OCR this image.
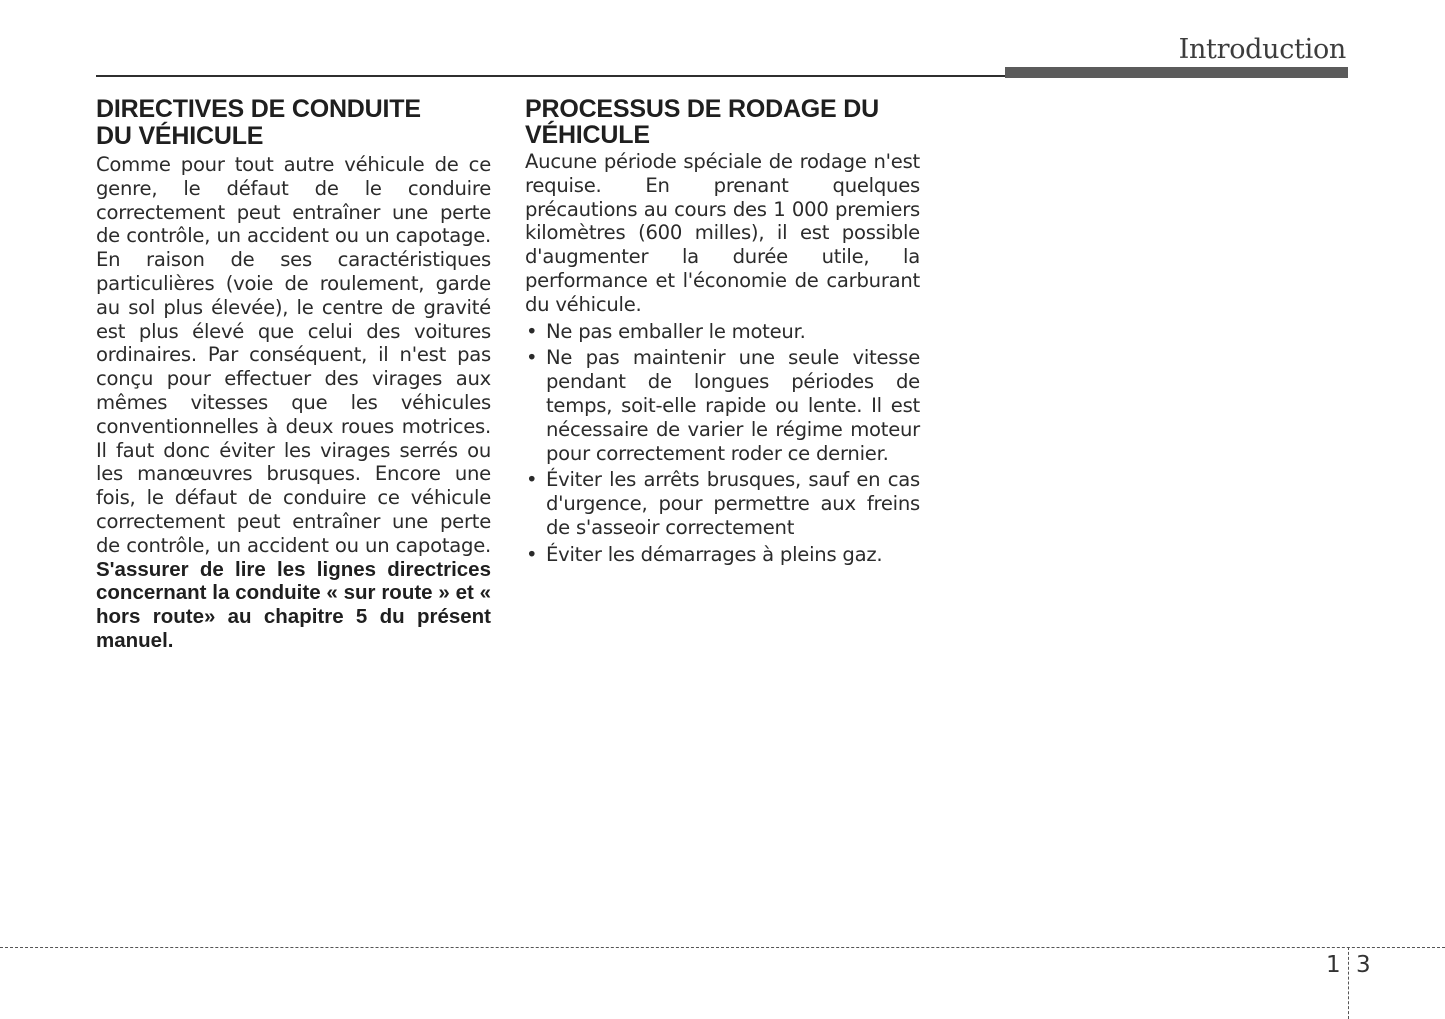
Introduction
DIRECTIVES DE CONDUITE
DU VÉHICULE

Comme pour tout autre véhicule de ce genre, le défaut de le conduire correctement peut entraîner une perte de contrôle, un accident ou un capotage. En raison de ses caractéristiques particulières (voie de roulement, garde au sol plus élevée), le centre de gravité est plus élevé que celui des voitures ordinaires. Par conséquent, il n'est pas conçu pour effectuer des virages aux mêmes vitesses que les véhicules conventionnelles à deux roues motrices. Il faut donc éviter les virages serrés ou les manœuvres brusques. Encore une fois, le défaut de conduire ce véhicule correctement peut entraîner une perte de contrôle, un accident ou un capotage. S'assurer de lire les lignes directrices concernant la conduite « sur route » et « hors route» au chapitre 5 du présent manuel.

PROCESSUS DE RODAGE DU
VÉHICULE

Aucune période spéciale de rodage n'est requise. En prenant quelques précautions au cours des 1 000 premiers kilomètres (600 milles), il est possible d'augmenter la durée utile, la performance et l'économie de carburant du véhicule.

• Ne pas emballer le moteur.
• Ne pas maintenir une seule vitesse pendant de longues périodes de temps, soit-elle rapide ou lente. Il est nécessaire de varier le régime moteur pour correctement roder ce dernier.
• Éviter les arrêts brusques, sauf en cas d'urgence, pour permettre aux freins de s'asseoir correctement
• Éviter les démarrages à pleins gaz.
1 3
